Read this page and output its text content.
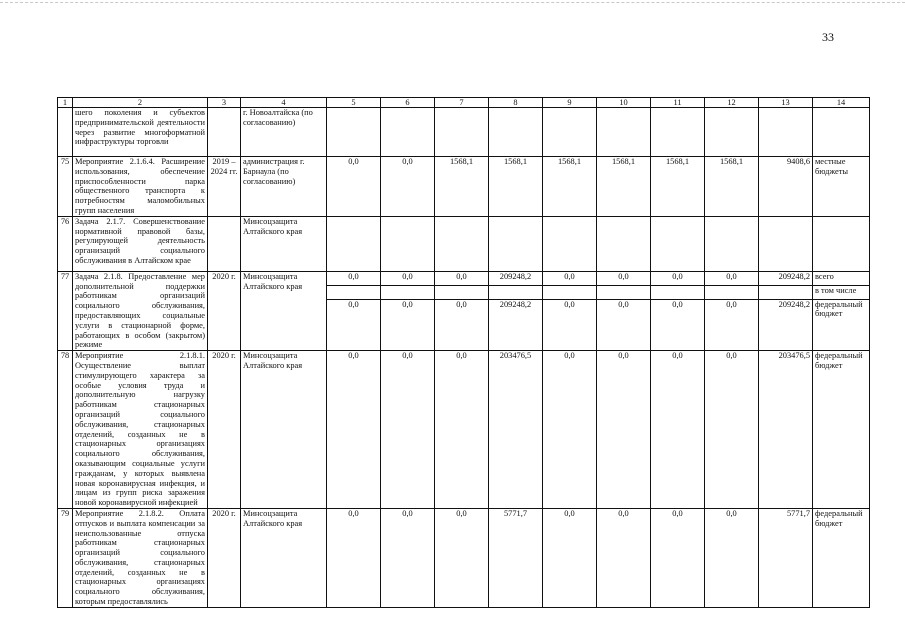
33
1	2	3	4	5	6	7	8	9	10	11	12	13	14
	шего поколения и субъектов предпринимательской деятельности через развитие многоформатной инфраструктуры торговли		г. Новоалтайска (по согласованию)										
75	Мероприятие 2.1.6.4. Расширение использования, обеспечение приспособленности парка общественного транспорта к потребностям маломобильных групп населения	2019 – 2024 гг.	администрация г. Барнаула (по согласованию)	0,0	0,0	1568,1	1568,1	1568,1	1568,1	1568,1	1568,1	9408,6	местные бюджеты
76	Задача 2.1.7. Совершенствование нормативной правовой базы, регулирующей деятельность организаций социального обслуживания в Алтайском крае		Минсоцзащита Алтайского края										
77	Задача 2.1.8. Предоставление мер дополнительной поддержки работникам организаций социального обслуживания, предоставляющих социальные услуги в стационарной форме, работающих в особом (закрытом) режиме	2020 г.	Минсоцзащита Алтайского края	0,0	0,0	0,0	209248,2	0,0	0,0	0,0	0,0	209248,2	всего
													в том числе
				0,0	0,0	0,0	209248,2	0,0	0,0	0,0	0,0	209248,2	федеральный бюджет
78	Мероприятие 2.1.8.1. Осуществление выплат стимулирующего характера за особые условия труда и дополнительную нагрузку работникам стационарных организаций социального обслуживания, стационарных отделений, созданных не в стационарных организациях социального обслуживания, оказывающим социальные услуги гражданам, у которых выявлена новая коронавирусная инфекция, и лицам из групп риска заражения новой коронавирусной инфекцией	2020 г.	Минсоцзащита Алтайского края	0,0	0,0	0,0	203476,5	0,0	0,0	0,0	0,0	203476,5	федеральный бюджет
79	Мероприятие 2.1.8.2. Оплата отпусков и выплата компенсации за неиспользованные отпуска работникам стационарных организаций социального обслуживания, стационарных отделений, созданных не в стационарных организациях социального обслуживания, которым предоставлялись	2020 г.	Минсоцзащита Алтайского края	0,0	0,0	0,0	5771,7	0,0	0,0	0,0	0,0	5771,7	федеральный бюджет
